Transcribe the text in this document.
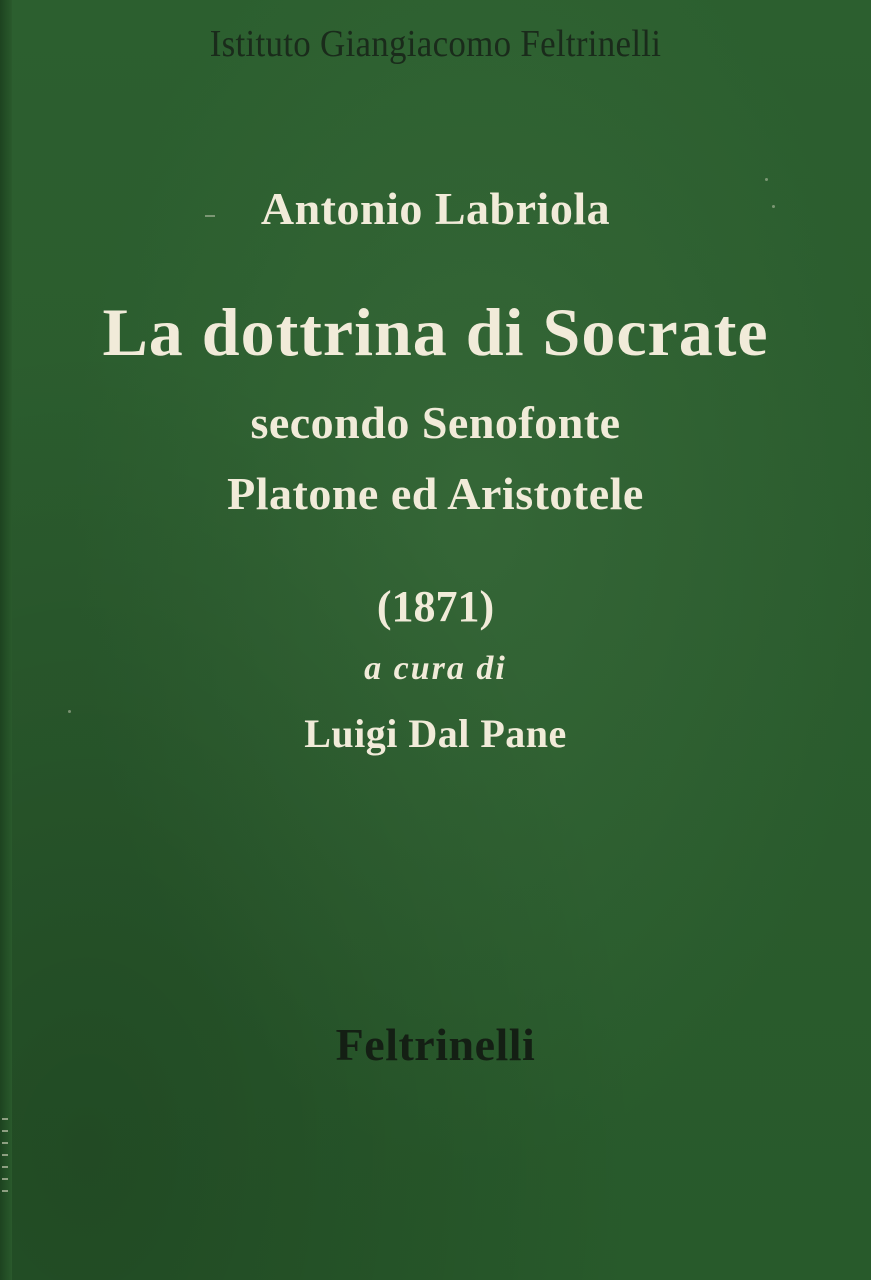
Istituto Giangiacomo Feltrinelli

Antonio Labriola

La dottrina di Socrate

secondo Senofonte

Platone ed Aristotele

(1871)

a cura di

Luigi Dal Pane

Feltrinelli
